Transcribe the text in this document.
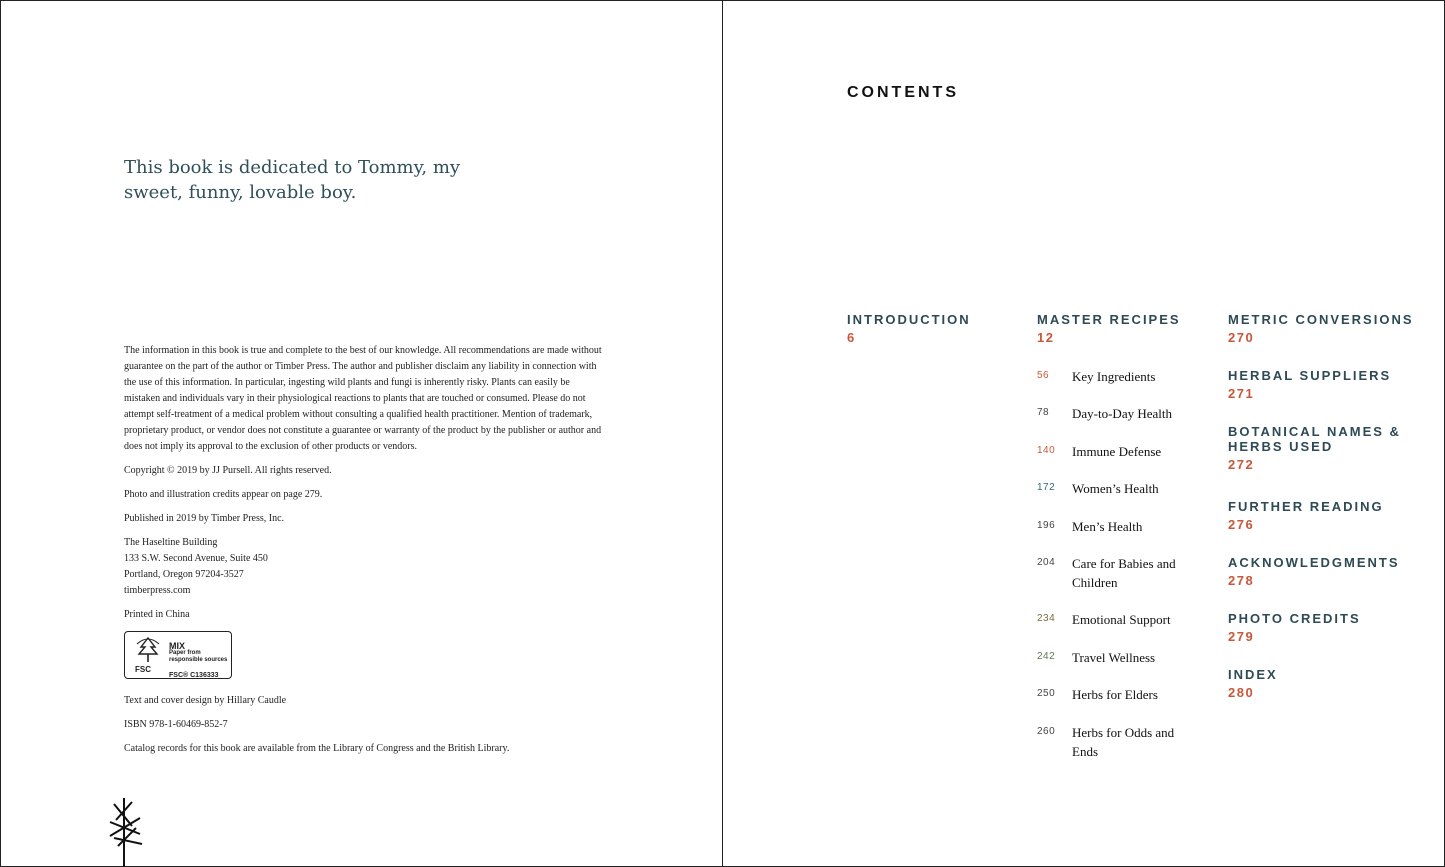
This book is dedicated to Tommy, my sweet, funny, lovable boy.

The information in this book is true and complete to the best of our knowledge. All recommendations are made without guarantee on the part of the author or Timber Press. The author and publisher disclaim any liability in connection with the use of this information. In particular, ingesting wild plants and fungi is inherently risky. Plants can easily be mistaken and individuals vary in their physiological reactions to plants that are touched or consumed. Please do not attempt self-treatment of a medical problem without consulting a qualified health practitioner. Mention of trademark, proprietary product, or vendor does not constitute a guarantee or warranty of the product by the publisher or author and does not imply its approval to the exclusion of other products or vendors.

Copyright © 2019 by JJ Pursell. All rights reserved.

Photo and illustration credits appear on page 279.

Published in 2019 by Timber Press, Inc.

The Haseltine Building
133 S.W. Second Avenue, Suite 450
Portland, Oregon 97204-3527
timberpress.com

Printed in China

FSC
MIX
Paper from
responsible sources
FSC® C136333

Text and cover design by Hillary Caudle

ISBN 978-1-60469-852-7

Catalog records for this book are available from the Library of Congress and the British Library.

CONTENTS
INTRODUCTION
6
MASTER RECIPES
12
56 Key Ingredients
78 Day-to-Day Health
140 Immune Defense
172 Women’s Health
196 Men’s Health
204 Care for Babies and Children
234 Emotional Support
242 Travel Wellness
250 Herbs for Elders
260 Herbs for Odds and Ends
METRIC CONVERSIONS
270
HERBAL SUPPLIERS
271
BOTANICAL NAMES & HERBS USED
272
FURTHER READING
276
ACKNOWLEDGMENTS
278
PHOTO CREDITS
279
INDEX
280
